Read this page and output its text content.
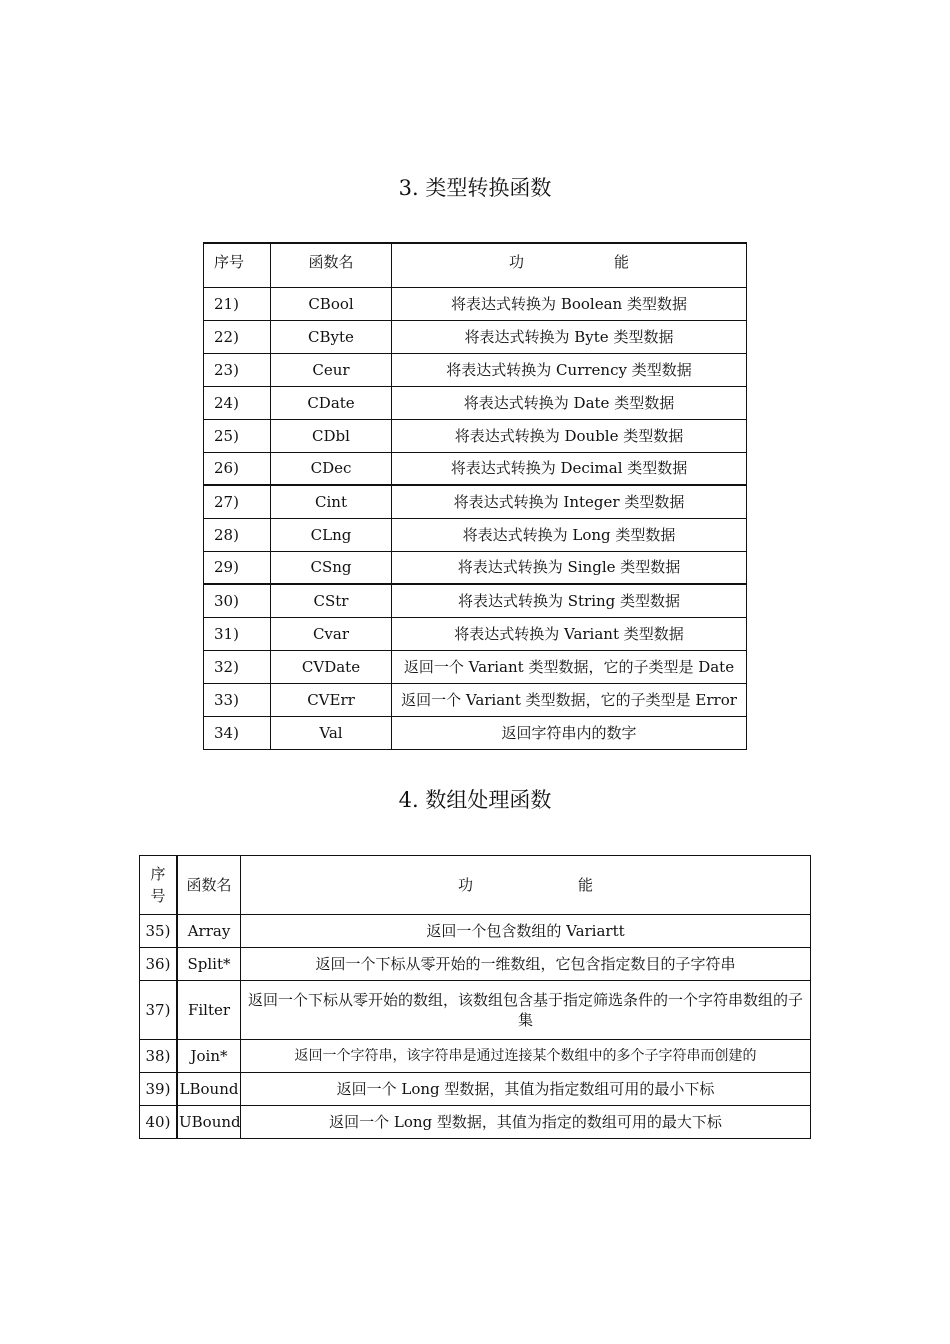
3. 类型转换函数
序号	函数名	功 能
21)	CBool	将表达式转换为 Boolean 类型数据
22)	CByte	将表达式转换为 Byte 类型数据
23)	Ceur	将表达式转换为 Currency 类型数据
24)	CDate	将表达式转换为 Date 类型数据
25)	CDbl	将表达式转换为 Double 类型数据
26)	CDec	将表达式转换为 Decimal 类型数据
27)	Cint	将表达式转换为 Integer 类型数据
28)	CLng	将表达式转换为 Long 类型数据
29)	CSng	将表达式转换为 Single 类型数据
30)	CStr	将表达式转换为 String 类型数据
31)	Cvar	将表达式转换为 Variant 类型数据
32)	CVDate	返回一个 Variant 类型数据，它的子类型是 Date
33)	CVErr	返回一个 Variant 类型数据，它的子类型是 Error
34)	Val	返回字符串内的数字
4. 数组处理函数
序
号	函数名	功 能
35)	Array	返回一个包含数组的 Variartt
36)	Split*	返回一个下标从零开始的一维数组，它包含指定数目的子字符串
37)	Filter	返回一个下标从零开始的数组，该数组包含基于指定筛选条件的一个字符串数组的子集
38)	Join*	返回一个字符串，该字符串是通过连接某个数组中的多个子字符串而创建的
39)	LBound	返回一个 Long 型数据，其值为指定数组可用的最小下标
40)	UBound	返回一个 Long 型数据，其值为指定的数组可用的最大下标
